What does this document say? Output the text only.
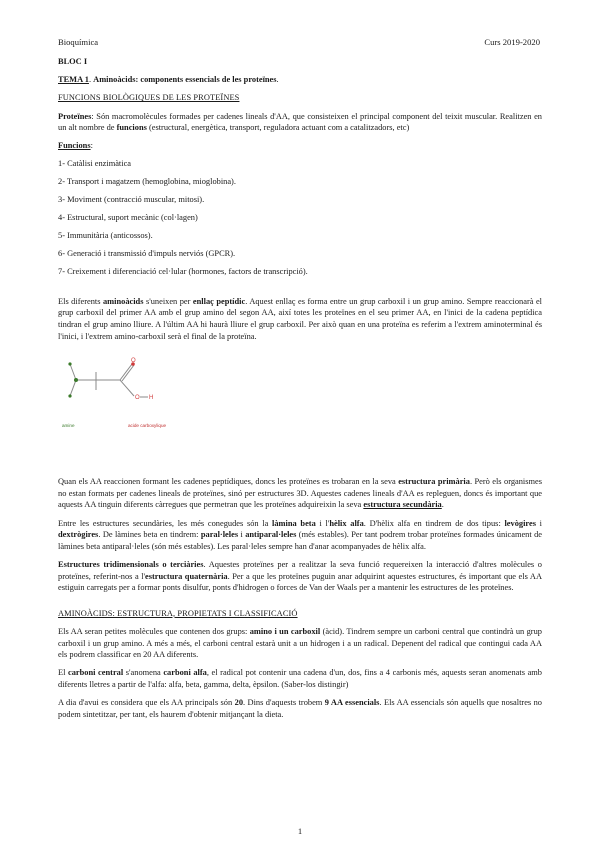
Bioquímica	Curs 2019-2020

BLOC I

TEMA 1. Aminoàcids: components essencials de les proteïnes.

FUNCIONS BIOLÒGIQUES DE LES PROTEÏNES

Proteïnes: Són macromolècules formades per cadenes lineals d'AA, que consisteixen el principal component del teixit muscular. Realitzen en un alt nombre de funcions (estructural, energètica, transport, reguladora actuant com a catalitzadors, etc)

Funcions:

1- Catàlisi enzimàtica

2- Transport i magatzem (hemoglobina, mioglobina).

3- Moviment (contracció muscular, mitosi).

4- Estructural, suport mecànic (col·lagen)

5- Immunitària (anticossos).

6- Generació i transmissió d'impuls nerviós (GPCR).

7- Creixement i diferenciació cel·lular (hormones, factors de transcripció).

Els diferents aminoàcids s'uneixen per enllaç peptídic. Aquest enllaç es forma entre un grup carboxil i un grup amino. Sempre reaccionarà el grup carboxil del primer AA amb el grup amino del segon AA, així totes les proteïnes en el seu primer AA, en l'inici de la cadena peptídica tindran el grup amino lliure. A l'últim AA hi haurà lliure el grup carboxil. Per això quan en una proteïna es referim a l'extrem aminoterminal és l'inici, i l'extrem amino-carboxil serà el final de la proteïna.

O
O H
amine	acide carboxylique

Quan els AA reaccionen formant les cadenes peptídiques, doncs les proteïnes es trobaran en la seva estructura primària. Però els organismes no estan formats per cadenes lineals de proteïnes, sinó per estructures 3D. Aquestes cadenes lineals d'AA es repleguen, doncs és important que aquests AA tinguin diferents càrregues que permetran que les proteïnes adquireixin la seva estructura secundària.

Entre les estructures secundàries, les més conegudes són la làmina beta i l'hèlix alfa. D'hèlix alfa en tindrem de dos tipus: levògires i dextrògires. De làmines beta en tindrem: paral·leles i antiparal·leles (més estables). Per tant podrem trobar proteïnes formades únicament de làmines beta antiparal·leles (són més estables). Les paral·leles sempre han d'anar acompanyades de hèlix alfa.

Estructures tridimensionals o terciàries. Aquestes proteïnes per a realitzar la seva funció requereixen la interacció d'altres molècules o proteïnes, referint-nos a l'estructura quaternària. Per a que les proteïnes puguin anar adquirint aquestes estructures, és important que els AA estiguin carregats per a formar ponts disulfur, ponts d'hidrogen o forces de Van der Waals per a mantenir les estructures de les proteïnes.

AMINOÀCIDS: ESTRUCTURA, PROPIETATS I CLASSIFICACIÓ

Els AA seran petites molècules que contenen dos grups: amino i un carboxil (àcid). Tindrem sempre un carboni central que contindrà un grup carboxil i un grup amino. A més a més, el carboni central estarà unit a un hidrogen i a un radical. Depenent del radical que contingui cada AA els podrem classificar en 20 AA diferents.

El carboni central s'anomena carboni alfa, el radical pot contenir una cadena d'un, dos, fins a 4 carbonis més, aquests seran anomenats amb diferents lletres a partir de l'alfa: alfa, beta, gamma, delta, èpsilon. (Saber-los distingir)

A dia d'avui es considera que els AA principals són 20. Dins d'aquests trobem 9 AA essencials. Els AA essencials són aquells que nosaltres no podem sintetitzar, per tant, els haurem d'obtenir mitjançant la dieta.

1
